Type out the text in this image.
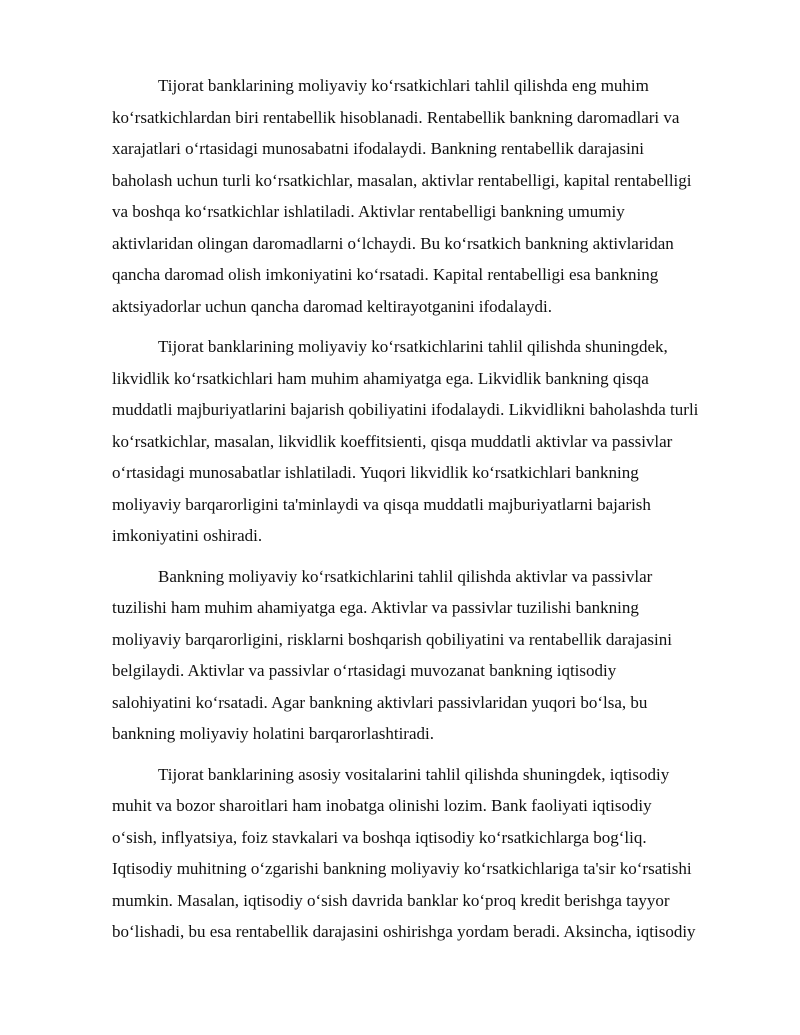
Tijorat banklarining moliyaviy ko‘rsatkichlari tahlil qilishda eng muhim
ko‘rsatkichlardan biri rentabellik hisoblanadi. Rentabellik bankning daromadlari va
xarajatlari o‘rtasidagi munosabatni ifodalaydi. Bankning rentabellik darajasini
baholash uchun turli ko‘rsatkichlar, masalan, aktivlar rentabelligi, kapital rentabelligi
va boshqa ko‘rsatkichlar ishlatiladi. Aktivlar rentabelligi bankning umumiy
aktivlaridan olingan daromadlarni o‘lchaydi. Bu ko‘rsatkich bankning aktivlaridan
qancha daromad olish imkoniyatini ko‘rsatadi. Kapital rentabelligi esa bankning
aktsiyadorlar uchun qancha daromad keltirayotganini ifodalaydi.

Tijorat banklarining moliyaviy ko‘rsatkichlarini tahlil qilishda shuningdek,
likvidlik ko‘rsatkichlari ham muhim ahamiyatga ega. Likvidlik bankning qisqa
muddatli majburiyatlarini bajarish qobiliyatini ifodalaydi. Likvidlikni baholashda turli
ko‘rsatkichlar, masalan, likvidlik koeffitsienti, qisqa muddatli aktivlar va passivlar
o‘rtasidagi munosabatlar ishlatiladi. Yuqori likvidlik ko‘rsatkichlari bankning
moliyaviy barqarorligini ta'minlaydi va qisqa muddatli majburiyatlarni bajarish
imkoniyatini oshiradi.

Bankning moliyaviy ko‘rsatkichlarini tahlil qilishda aktivlar va passivlar
tuzilishi ham muhim ahamiyatga ega. Aktivlar va passivlar tuzilishi bankning
moliyaviy barqarorligini, risklarni boshqarish qobiliyatini va rentabellik darajasini
belgilaydi. Aktivlar va passivlar o‘rtasidagi muvozanat bankning iqtisodiy
salohiyatini ko‘rsatadi. Agar bankning aktivlari passivlaridan yuqori bo‘lsa, bu
bankning moliyaviy holatini barqarorlashtiradi.

Tijorat banklarining asosiy vositalarini tahlil qilishda shuningdek, iqtisodiy
muhit va bozor sharoitlari ham inobatga olinishi lozim. Bank faoliyati iqtisodiy
o‘sish, inflyatsiya, foiz stavkalari va boshqa iqtisodiy ko‘rsatkichlarga bog‘liq.
Iqtisodiy muhitning o‘zgarishi bankning moliyaviy ko‘rsatkichlariga ta'sir ko‘rsatishi
mumkin. Masalan, iqtisodiy o‘sish davrida banklar ko‘proq kredit berishga tayyor
bo‘lishadi, bu esa rentabellik darajasini oshirishga yordam beradi. Aksincha, iqtisodiy
